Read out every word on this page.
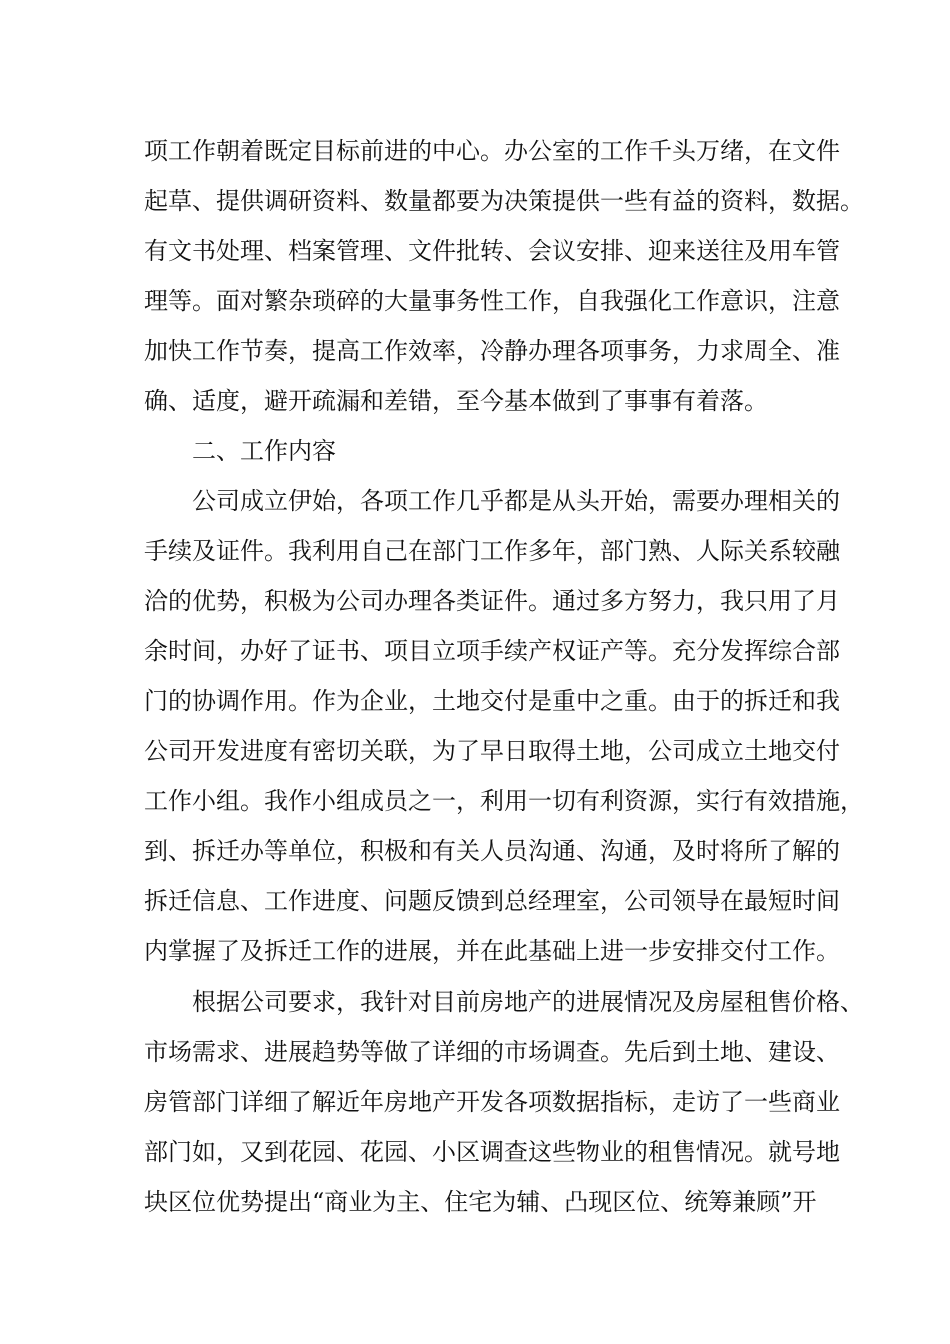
项工作朝着既定目标前进的中心。办公室的工作千头万绪，在文件

起草、提供调研资料、数量都要为决策提供一些有益的资料，数据。

有文书处理、档案管理、文件批转、会议安排、迎来送往及用车管

理等。面对繁杂琐碎的大量事务性工作，自我强化工作意识，注意

加快工作节奏，提高工作效率，冷静办理各项事务，力求周全、准

确、适度，避开疏漏和差错，至今基本做到了事事有着落。

二、工作内容

公司成立伊始，各项工作几乎都是从头开始，需要办理相关的

手续及证件。我利用自己在部门工作多年，部门熟、人际关系较融

洽的优势，积极为公司办理各类证件。通过多方努力，我只用了月

余时间，办好了证书、项目立项手续产权证产等。充分发挥综合部

门的协调作用。作为企业，土地交付是重中之重。由于的拆迁和我

公司开发进度有密切关联，为了早日取得土地，公司成立土地交付

工作小组。我作小组成员之一，利用一切有利资源，实行有效措施，

到、拆迁办等单位，积极和有关人员沟通、沟通，及时将所了解的

拆迁信息、工作进度、问题反馈到总经理室，公司领导在最短时间

内掌握了及拆迁工作的进展，并在此基础上进一步安排交付工作。

根据公司要求，我针对目前房地产的进展情况及房屋租售价格、

市场需求、进展趋势等做了详细的市场调查。先后到土地、建设、

房管部门详细了解近年房地产开发各项数据指标，走访了一些商业

部门如，又到花园、花园、小区调查这些物业的租售情况。就号地

块区位优势提出“商业为主、住宅为辅、凸现区位、统筹兼顾”开
